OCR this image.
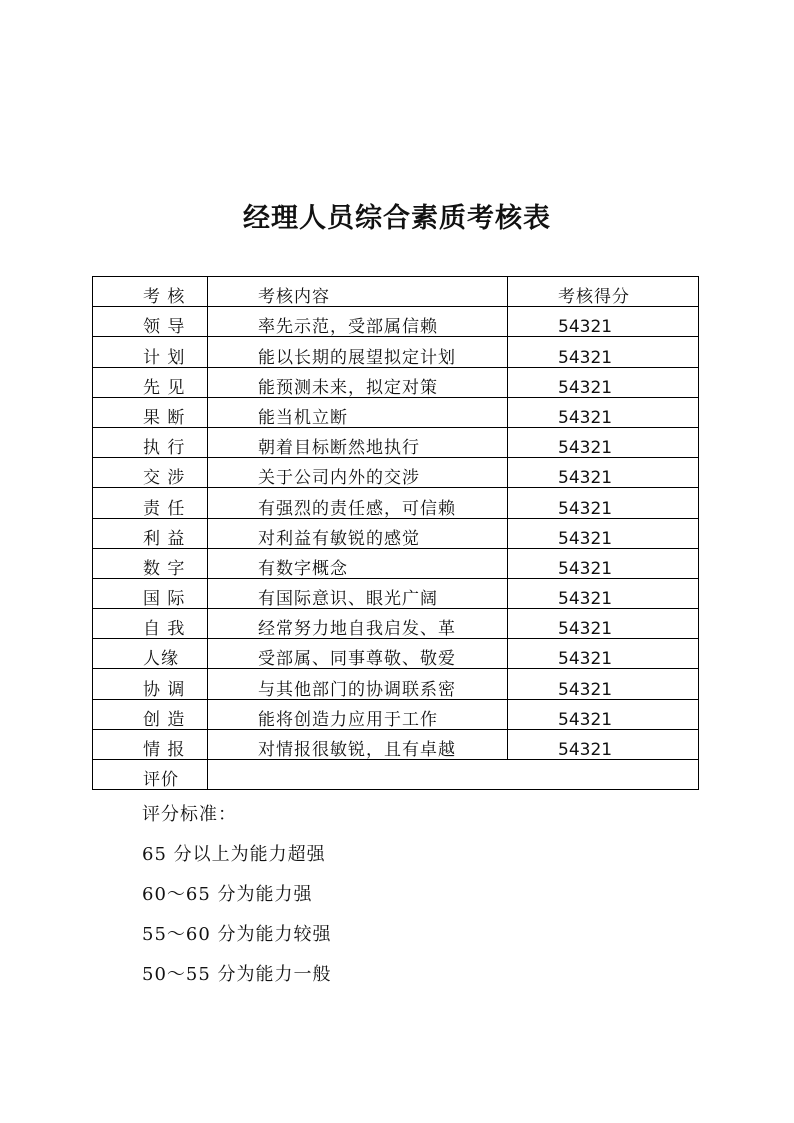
经理人员综合素质考核表
考 核	考核内容	考核得分
领 导	率先示范，受部属信赖	54321
计 划	能以长期的展望拟定计划	54321
先 见	能预测未来，拟定对策	54321
果 断	能当机立断	54321
执 行	朝着目标断然地执行	54321
交 涉	关于公司内外的交涉	54321
责 任	有强烈的责任感，可信赖	54321
利 益	对利益有敏锐的感觉	54321
数 字	有数字概念	54321
国 际	有国际意识、眼光广阔	54321
自 我	经常努力地自我启发、革	54321
人缘	受部属、同事尊敬、敬爱	54321
协 调	与其他部门的协调联系密	54321
创 造	能将创造力应用于工作	54321
情 报	对情报很敏锐，且有卓越	54321
评价		
评分标准：
65 分以上为能力超强
60～65 分为能力强
55～60 分为能力较强
50～55 分为能力一般
